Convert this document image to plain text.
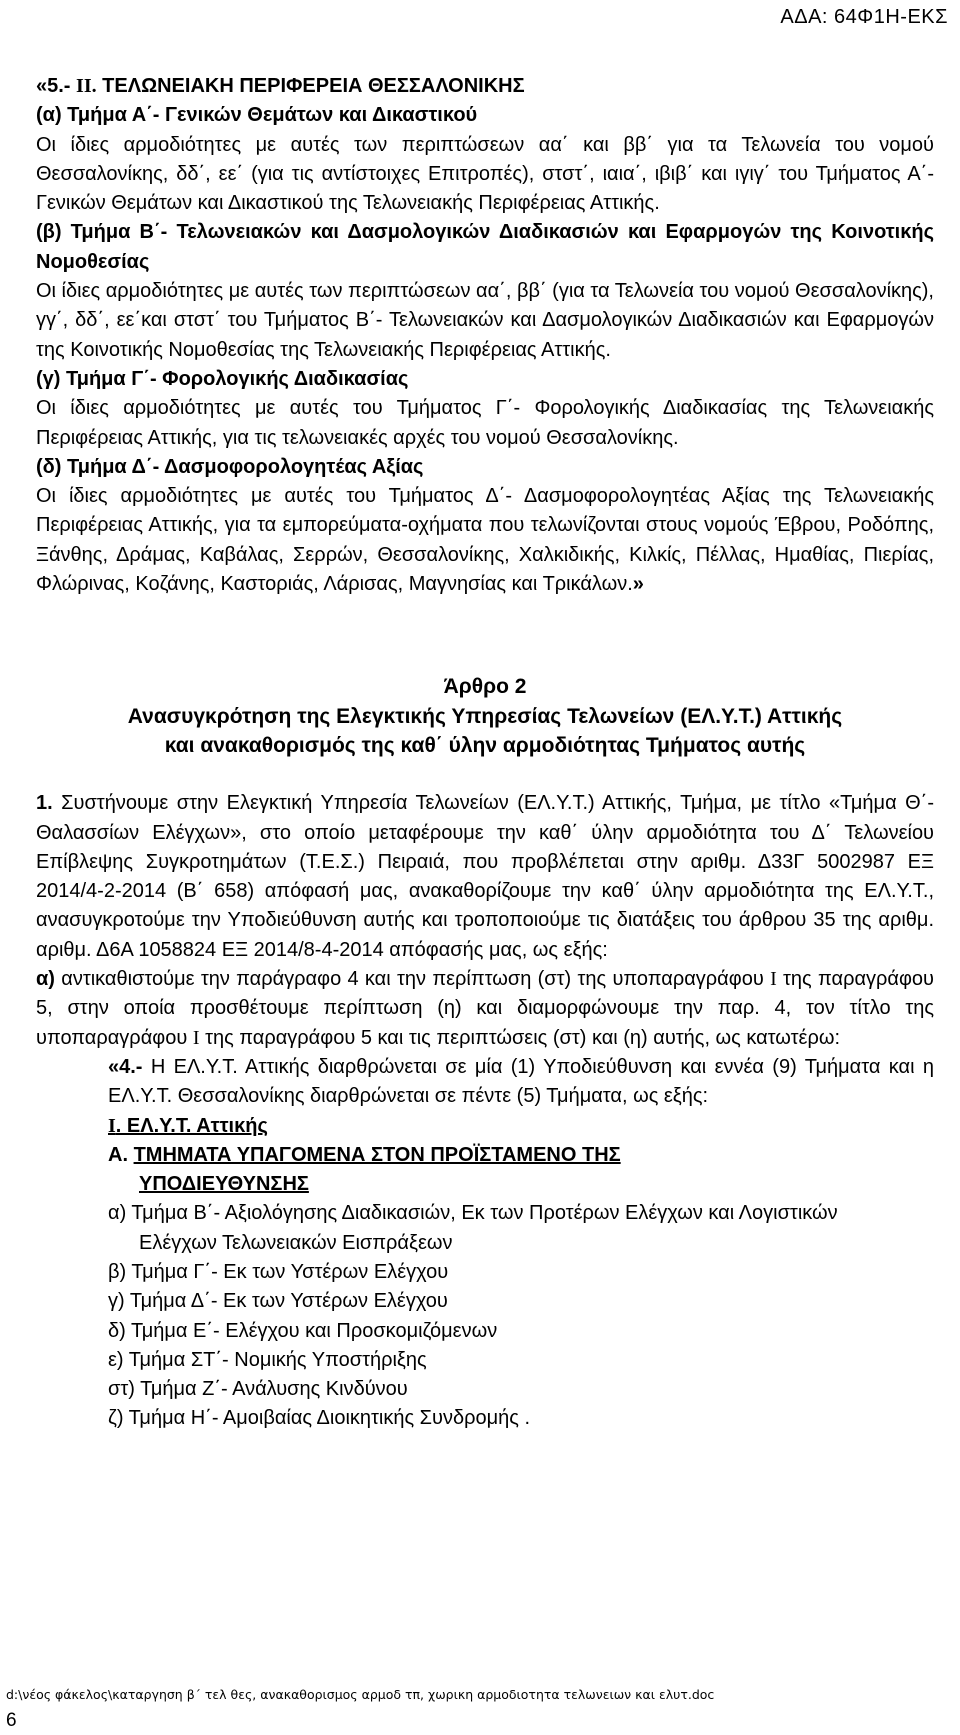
ΑΔΑ: 64Φ1Η-ΕΚΣ

«5.- ΙΙ. ΤΕΛΩΝΕΙΑΚΗ ΠΕΡΙΦΕΡΕΙΑ ΘΕΣΣΑΛΟΝΙΚΗΣ

(α) Τμήμα Α΄- Γενικών Θεμάτων και Δικαστικού

Οι ίδιες αρμοδιότητες με αυτές των περιπτώσεων αα΄ και ββ΄ για τα Τελωνεία του νομού Θεσσαλονίκης, δδ΄, εε΄ (για τις αντίστοιχες Επιτροπές), στστ΄, ιαια΄, ιβιβ΄ και ιγιγ΄ του Τμήματος Α΄- Γενικών Θεμάτων και Δικαστικού της Τελωνειακής Περιφέρειας Αττικής.

(β) Τμήμα Β΄- Τελωνειακών και Δασμολογικών Διαδικασιών και Εφαρμογών της Κοινοτικής Νομοθεσίας

Οι ίδιες αρμοδιότητες με αυτές των περιπτώσεων αα΄, ββ΄ (για τα Τελωνεία του νομού Θεσσαλονίκης), γγ΄, δδ΄, εε΄και στστ΄ του Τμήματος Β΄- Τελωνειακών και Δασμολογικών Διαδικασιών και Εφαρμογών της Κοινοτικής Νομοθεσίας της Τελωνειακής Περιφέρειας Αττικής.

(γ) Τμήμα Γ΄- Φορολογικής Διαδικασίας

Οι ίδιες αρμοδιότητες με αυτές του Τμήματος Γ΄- Φορολογικής Διαδικασίας της Τελωνειακής Περιφέρειας Αττικής, για τις τελωνειακές αρχές του νομού Θεσσαλονίκης.

(δ) Τμήμα Δ΄- Δασμοφορολογητέας Αξίας

Οι ίδιες αρμοδιότητες με αυτές του Τμήματος Δ΄- Δασμοφορολογητέας Αξίας της Τελωνειακής Περιφέρειας Αττικής, για τα εμπορεύματα-οχήματα που τελωνίζονται στους νομούς Έβρου, Ροδόπης, Ξάνθης, Δράμας, Καβάλας, Σερρών, Θεσσαλονίκης, Χαλκιδικής, Κιλκίς, Πέλλας, Ημαθίας, Πιερίας, Φλώρινας, Κοζάνης, Καστοριάς, Λάρισας, Μαγνησίας και Τρικάλων.»

Άρθρο 2

Ανασυγκρότηση της Ελεγκτικής Υπηρεσίας Τελωνείων (ΕΛ.Υ.Τ.) Αττικής

και ανακαθορισμός της καθ΄ ύλην αρμοδιότητας Τμήματος αυτής

1. Συστήνουμε στην Ελεγκτική Υπηρεσία Τελωνείων (ΕΛ.Υ.Τ.) Αττικής, Τμήμα, με τίτλο «Τμήμα Θ΄- Θαλασσίων Ελέγχων», στο οποίο μεταφέρουμε την καθ΄ ύλην αρμοδιότητα του Δ΄ Τελωνείου Επίβλεψης Συγκροτημάτων (Τ.Ε.Σ.) Πειραιά, που προβλέπεται στην αριθμ. Δ33Γ 5002987 ΕΞ 2014/4-2-2014 (Β΄ 658) απόφασή μας, ανακαθορίζουμε την καθ΄ ύλην αρμοδιότητα της ΕΛ.Υ.Τ., ανασυγκροτούμε την Υποδιεύθυνση αυτής και τροποποιούμε τις διατάξεις του άρθρου 35 της αριθμ. αριθμ. Δ6Α 1058824 ΕΞ 2014/8-4-2014 απόφασής μας, ως εξής:

α) αντικαθιστούμε την παράγραφο 4 και την περίπτωση (στ) της υποπαραγράφου Ι της παραγράφου 5, στην οποία προσθέτουμε περίπτωση (η) και διαμορφώνουμε την παρ. 4, τον τίτλο της υποπαραγράφου Ι της παραγράφου 5 και τις περιπτώσεις (στ) και (η) αυτής, ως κατωτέρω:

«4.- Η ΕΛ.Υ.Τ. Αττικής διαρθρώνεται σε μία (1) Υποδιεύθυνση και εννέα (9) Τμήματα και η ΕΛ.Υ.Τ. Θεσσαλονίκης διαρθρώνεται σε πέντε (5) Τμήματα, ως εξής:

Ι. ΕΛ.Υ.Τ. Αττικής

Α. ΤΜΗΜΑΤΑ ΥΠΑΓΟΜΕΝΑ ΣΤΟΝ ΠΡΟΪΣΤΑΜΕΝΟ ΤΗΣ

ΥΠΟΔΙΕΥΘΥΝΣΗΣ

α) Τμήμα Β΄- Αξιολόγησης Διαδικασιών, Εκ των Προτέρων Ελέγχων και Λογιστικών Ελέγχων Τελωνειακών Εισπράξεων

β) Τμήμα Γ΄- Εκ των Υστέρων Ελέγχου

γ) Τμήμα Δ΄- Εκ των Υστέρων Ελέγχου

δ) Τμήμα Ε΄- Ελέγχου και Προσκομιζόμενων

ε) Τμήμα ΣΤ΄- Νομικής Υποστήριξης

στ) Τμήμα Ζ΄- Ανάλυσης Κινδύνου

ζ) Τμήμα Η΄- Αμοιβαίας Διοικητικής Συνδρομής .

d:\νέος φάκελος\καταργηση β΄ τελ θες, ανακαθορισμος αρμοδ τπ, χωρικη αρμοδιοτητα τελωνειων και ελυτ.doc
6
